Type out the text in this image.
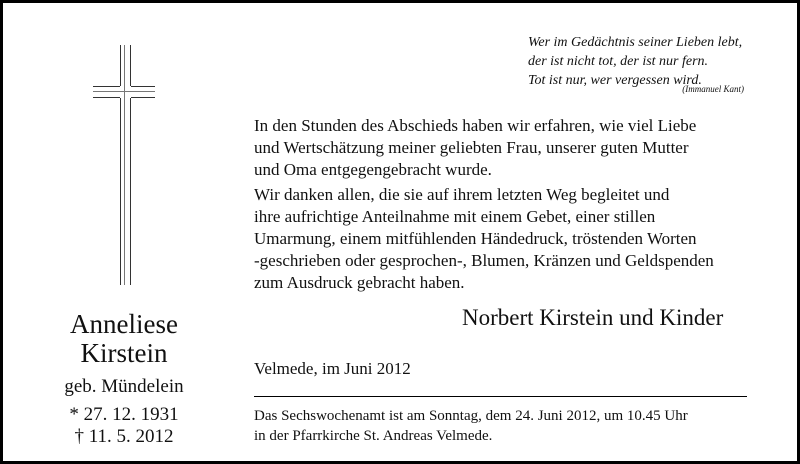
Wer im Gedächtnis seiner Lieben lebt,
der ist nicht tot, der ist nur fern.
Tot ist nur, wer vergessen wird.
(Immanuel Kant)
In den Stunden des Abschieds haben wir erfahren, wie viel Liebe
und Wertschätzung meiner geliebten Frau, unserer guten Mutter
und Oma entgegengebracht wurde.
Wir danken allen, die sie auf ihrem letzten Weg begleitet und
ihre aufrichtige Anteilnahme mit einem Gebet, einer stillen
Umarmung, einem mitfühlenden Händedruck, tröstenden Worten
-geschrieben oder gesprochen-, Blumen, Kränzen und Geldspenden
zum Ausdruck gebracht haben.
Norbert Kirstein und Kinder
Anneliese
Kirstein
geb. Mündelein
* 27. 12. 1931
† 11. 5. 2012
Velmede, im Juni 2012
Das Sechswochenamt ist am Sonntag, dem 24. Juni 2012, um 10.45 Uhr
in der Pfarrkirche St. Andreas Velmede.
